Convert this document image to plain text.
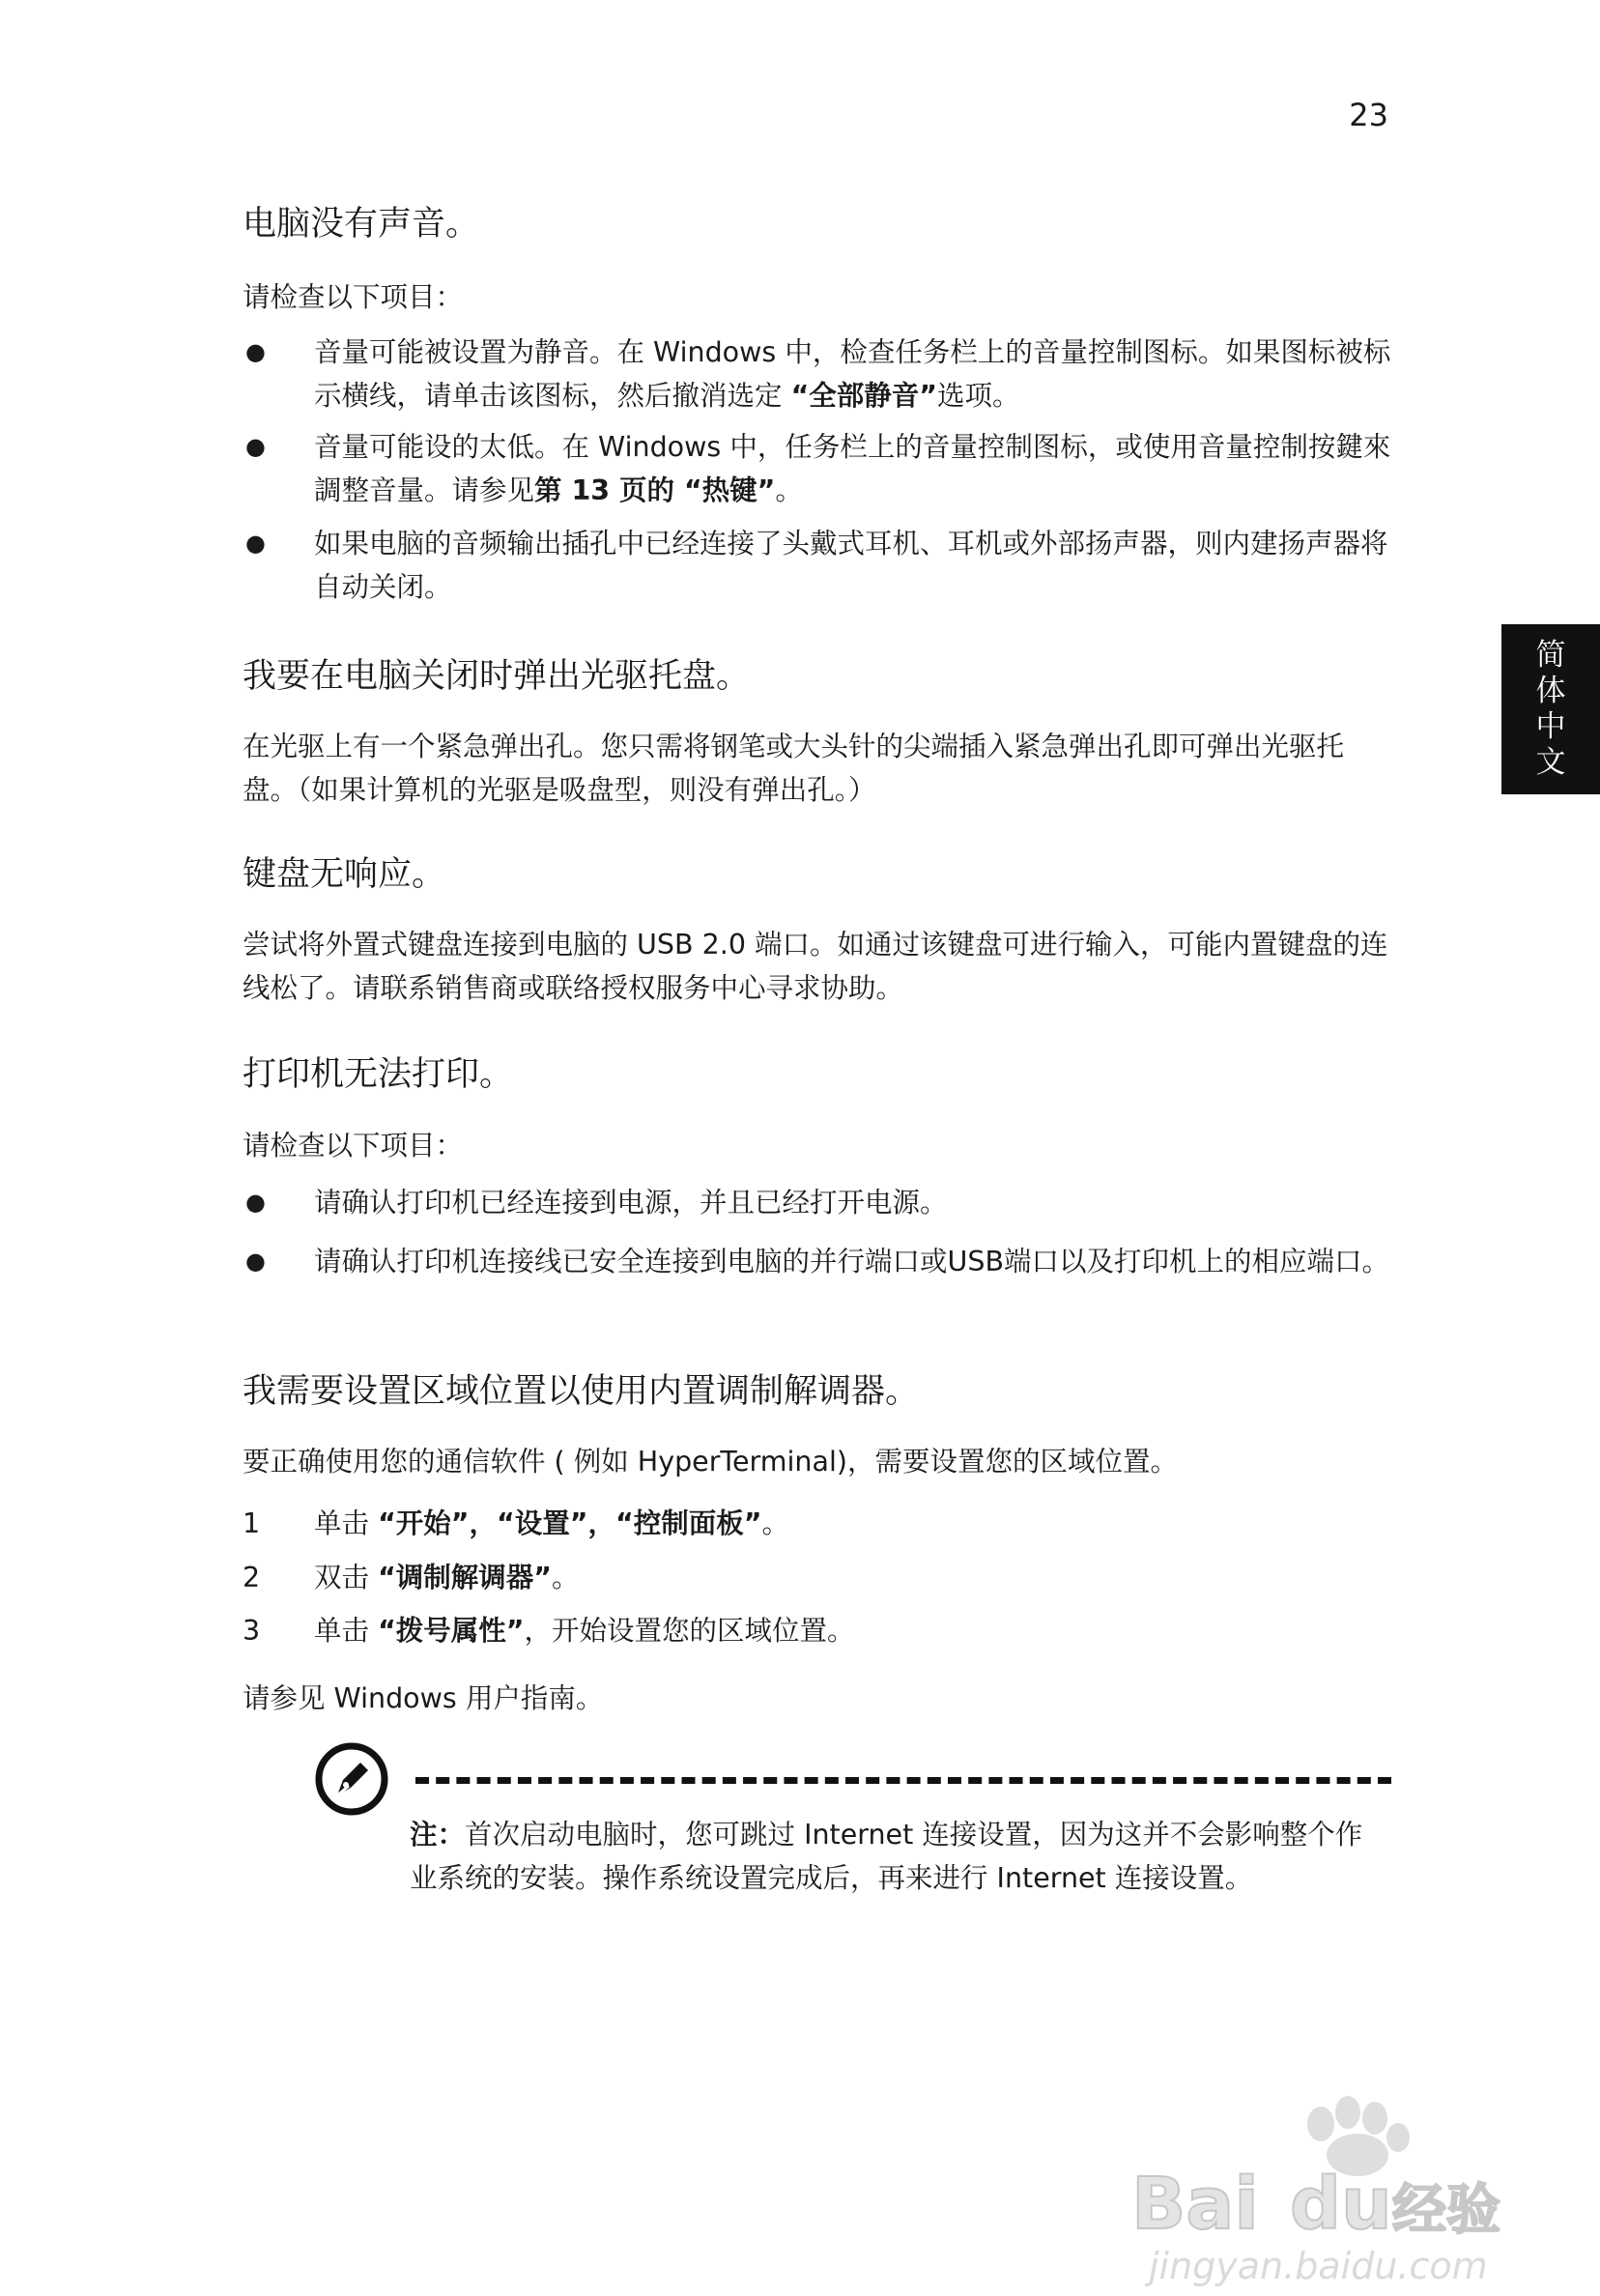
23
简
体
中
文
电脑没有声音。
请检查以下项目：
● 音量可能被设置为静音。在 Windows 中，检查任务栏上的音量控制图标。如果图标被标示横线，请单击该图标，然后撤消选定 “全部静音”选项。
● 音量可能设的太低。在 Windows 中，任务栏上的音量控制图标，或使用音量控制按鍵來調整音量。请参见第 13 页的 “热键”。
● 如果电脑的音频输出插孔中已经连接了头戴式耳机、耳机或外部扬声器，则内建扬声器将自动关闭。
我要在电脑关闭时弹出光驱托盘。
在光驱上有一个紧急弹出孔。您只需将钢笔或大头针的尖端插入紧急弹出孔即可弹出光驱托盘。（如果计算机的光驱是吸盘型，则没有弹出孔。）
键盘无响应。
尝试将外置式键盘连接到电脑的 USB 2.0 端口。如通过该键盘可进行输入，可能内置键盘的连线松了。请联系销售商或联络授权服务中心寻求协助。
打印机无法打印。
请检查以下项目：
● 请确认打印机已经连接到电源，并且已经打开电源。
● 请确认打印机连接线已安全连接到电脑的并行端口或USB端口以及打印机上的相应端口。
我需要设置区域位置以使用内置调制解调器。
要正确使用您的通信软件 ( 例如 HyperTerminal)，需要设置您的区域位置。
1 单击 “开始”，“设置”，“控制面板”。
2 双击 “调制解调器”。
3 单击 “拨号属性”，开始设置您的区域位置。
请参见 Windows 用户指南。
注：首次启动电脑时，您可跳过 Internet 连接设置，因为这并不会影响整个作业系统的安装。操作系统设置完成后，再来进行 Internet 连接设置。
Bai du 经验
jingyan.baidu.com
